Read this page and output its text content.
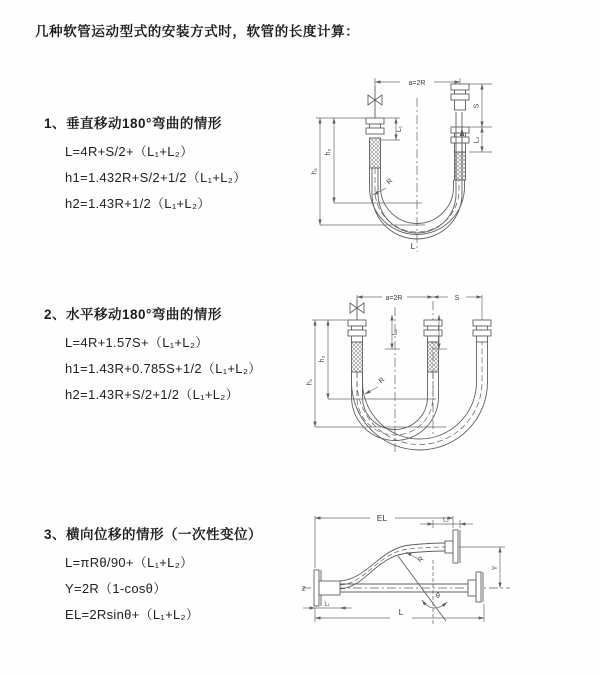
几种软管运动型式的安装方式时，软管的长度计算：
1、垂直移动180°弯曲的情形
L=4R+S/2+（L₁+L₂）
h1=1.432R+S/2+1/2（L₁+L₂）
h2=1.43R+1/2（L₁+L₂）
2、水平移动180°弯曲的情形
L=4R+1.57S+（L₁+L₂）
h1=1.43R+0.785S+1/2（L₁+L₂）
h2=1.43R+S/2+1/2（L₁+L₂）
3、横向位移的情形（一次性变位）
L=πRθ/90+（L₁+L₂）
Y=2R（1-cosθ）
EL=2Rsinθ+（L₁+L₂）
a=2R
S
L₂
L₁
h₂
h₁
R
L
a=2R	S
h₂
h₁
L₁
R
EL	L₂
L₁
Y
R
θ
L
Z
